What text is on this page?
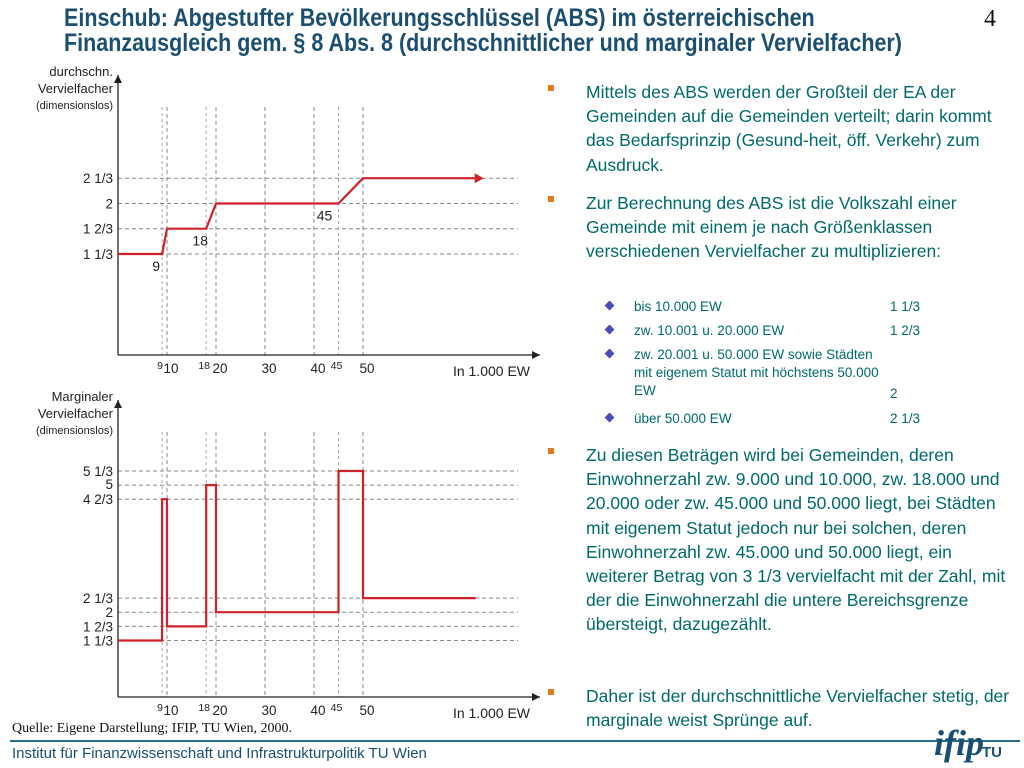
Einschub: Abgestufter Bevölkerungsschlüssel (ABS) im österreichischen
Finanzausgleich gem. § 8 Abs. 8 (durchschnittlicher und marginaler Vervielfacher)
4
durchschn.
Vervielfacher
(dimensionslos)
1 1/3
1 2/3
2
2 1/3
10	20	30	40	50
9	18	45	In 1.000 EW
9
18
45
Marginaler
Vervielfacher
(dimensionslos)
1 1/3
1 2/3
2
2 1/3
4 2/3
5
5 1/3
10	20	30	40	50
9	18	45	In 1.000 EW

Mittels des ABS werden der Großteil der EA der Gemeinden auf die Gemeinden verteilt; darin kommt das Bedarfsprinzip (Gesund-heit, öff. Verkehr) zum Ausdruck.

Zur Berechnung des ABS ist die Volkszahl einer Gemeinde mit einem je nach Größenklassen verschiedenen Vervielfacher zu multiplizieren:

bis 10.000 EW	1 1/3
zw. 10.001 u. 20.000 EW	1 2/3
zw. 20.001 u. 50.000 EW sowie Städten mit eigenem Statut mit höchstens 50.000 EW	2
über 50.000 EW	2 1/3

Zu diesen Beträgen wird bei Gemeinden, deren Einwohnerzahl zw. 9.000 und 10.000, zw. 18.000 und 20.000 oder zw. 45.000 und 50.000 liegt, bei Städten mit eigenem Statut jedoch nur bei solchen, deren Einwohnerzahl zw. 45.000 und 50.000 liegt, ein weiterer Betrag von 3 1/3 vervielfacht mit der Zahl, mit der die Einwohnerzahl die untere Bereichsgrenze übersteigt, dazugezählt.

Daher ist der durchschnittliche Vervielfacher stetig, der marginale weist Sprünge auf.

Quelle: Eigene Darstellung; IFIP, TU Wien, 2000.
Institut für Finanzwissenschaft und Infrastrukturpolitik TU Wien	ifip
TU
